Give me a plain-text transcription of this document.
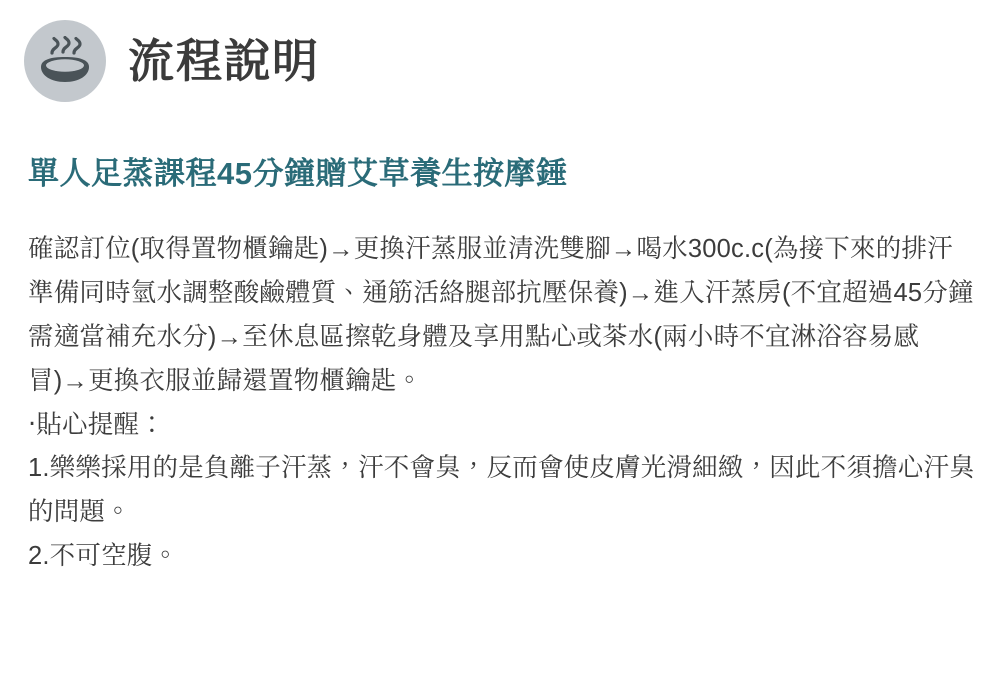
流程說明
單人足蒸課程45分鐘贈艾草養生按摩錘

確認訂位(取得置物櫃鑰匙)→更換汗蒸服並清洗雙腳→喝水300c.c(為接下來的排汗準備同時氫水調整酸鹼體質、通筋活絡腿部抗壓保養)→進入汗蒸房(不宜超過45分鐘需適當補充水分)→至休息區擦乾身體及享用點心或茶水(兩小時不宜淋浴容易感冒)→更換衣服並歸還置物櫃鑰匙。

‧貼心提醒：

1.樂樂採用的是負離子汗蒸，汗不會臭，反而會使皮膚光滑細緻，因此不須擔心汗臭的問題。

2.不可空腹。
